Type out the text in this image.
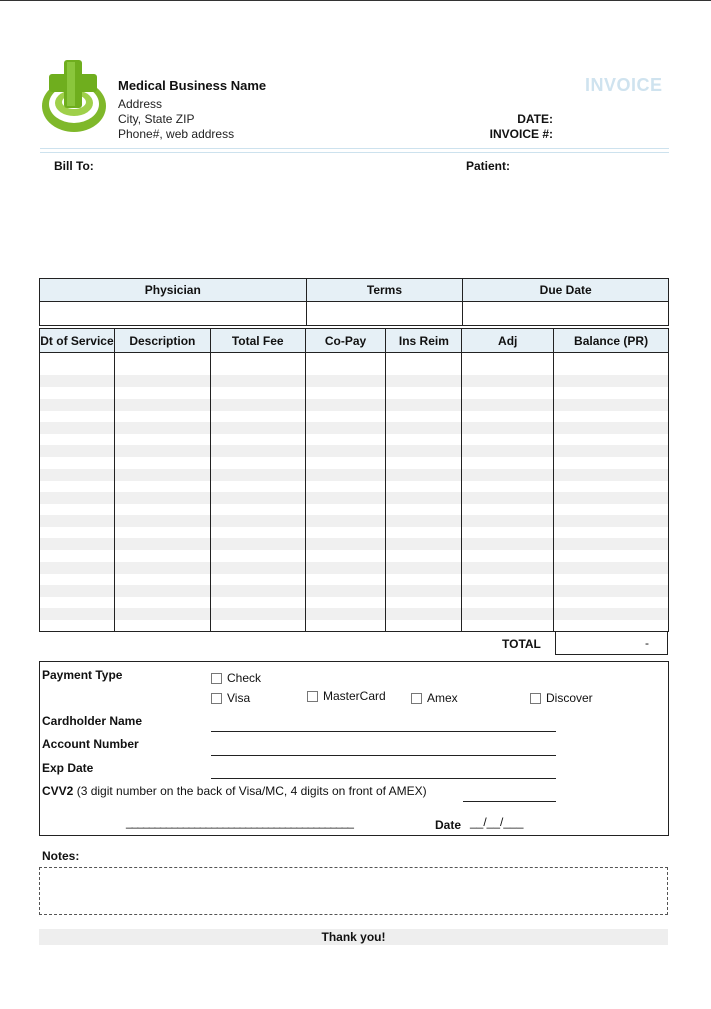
Medical Business Name
Address
City, State ZIP
Phone#, web address
INVOICE
DATE:
INVOICE #:
Bill To:	Patient:
Physician	Terms	Due Date

Dt of Service	Description	Total Fee	Co-Pay	Ins Reim	Adj	Balance (PR)

TOTAL	-
Payment Type	Check
Visa	MasterCard	Amex	Discover
Cardholder Name
Account Number
Exp Date
CVV2 (3 digit number on the back of Visa/MC, 4 digits on front of AMEX)
________________________________________	Date __/__/___
Notes:
Thank you!
